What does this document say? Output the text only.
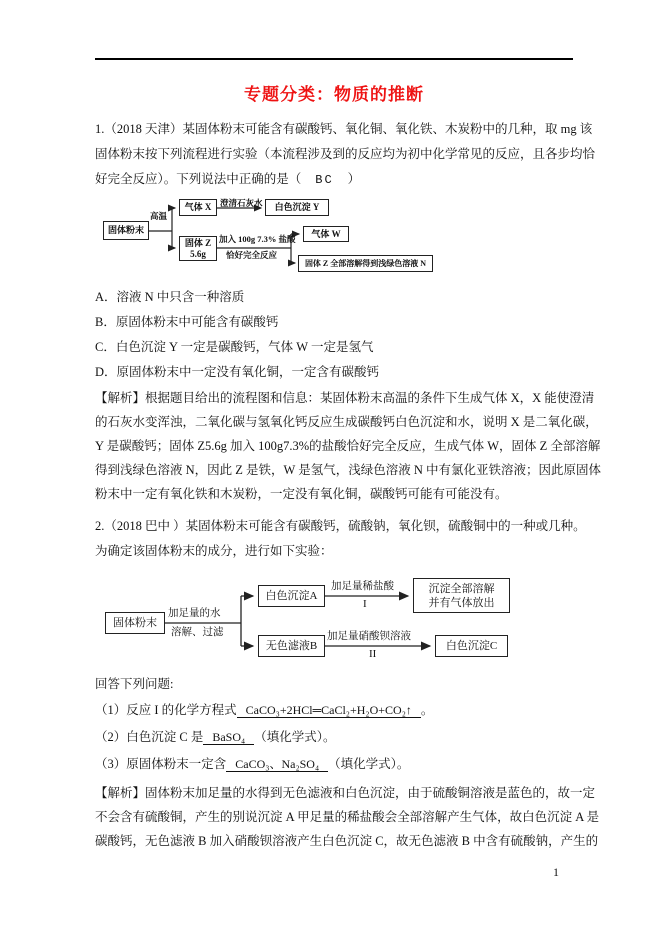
专题分类：物质的推断
1.（2018 天津）某固体粉末可能含有碳酸钙、氧化铜、氧化铁、木炭粉中的几种，取 mg 该
固体粉末按下列流程进行实验（本流程涉及到的反应均为初中化学常见的反应，且各步均恰
好完全反应）。下列说法中正确的是（ BC ）
固体粉末
高温
气体 X	澄清石灰水	白色沉淀 Y
固体 Z
5.6g
加入 100g 7.3% 盐酸
恰好完全反应
气体 W
固体 Z 全部溶解得到浅绿色溶液 N
A．溶液 N 中只含一种溶质
B．原固体粉末中可能含有碳酸钙
C．白色沉淀 Y 一定是碳酸钙，气体 W 一定是氢气
D．原固体粉末中一定没有氧化铜，一定含有碳酸钙
【解析】根据题目给出的流程图和信息：某固体粉末高温的条件下生成气体 X，X 能使澄清
的石灰水变浑浊，二氧化碳与氢氧化钙反应生成碳酸钙白色沉淀和水，说明 X 是二氧化碳，
Y 是碳酸钙；固体 Z5.6g 加入 100g7.3%的盐酸恰好完全反应，生成气体 W，固体 Z 全部溶解
得到浅绿色溶液 N，因此 Z 是铁，W 是氢气，浅绿色溶液 N 中有氯化亚铁溶液；因此原固体
粉末中一定有氧化铁和木炭粉，一定没有氧化铜，碳酸钙可能有可能没有。
2.（2018 巴中 ）某固体粉末可能含有碳酸钙，硫酸钠，氧化钡，硫酸铜中的一种或几种。
为确定该固体粉末的成分，进行如下实验：
固体粉末
加足量的水
溶解、过滤
白色沉淀A
加足量稀盐酸
I
沉淀全部溶解
并有气体放出
无色滤液B
加足量硝酸钡溶液
II
白色沉淀C
回答下列问题:
（1）反应 I 的化学方程式 CaCO₃+2HCl═CaCl₂+H₂O+CO₂↑ 。
（2）白色沉淀 C 是 BaSO₄ （填化学式）。
（3）原固体粉末一定含 CaCO₃、Na₂SO₄ （填化学式）。
【解析】固体粉末加足量的水得到无色滤液和白色沉淀，由于硫酸铜溶液是蓝色的，故一定
不会含有硫酸铜，产生的别说沉淀 A 甲足量的稀盐酸会全部溶解产生气体，故白色沉淀 A 是
碳酸钙，无色滤液 B 加入硝酸钡溶液产生白色沉淀 C，故无色滤液 B 中含有硫酸钠，产生的
1
